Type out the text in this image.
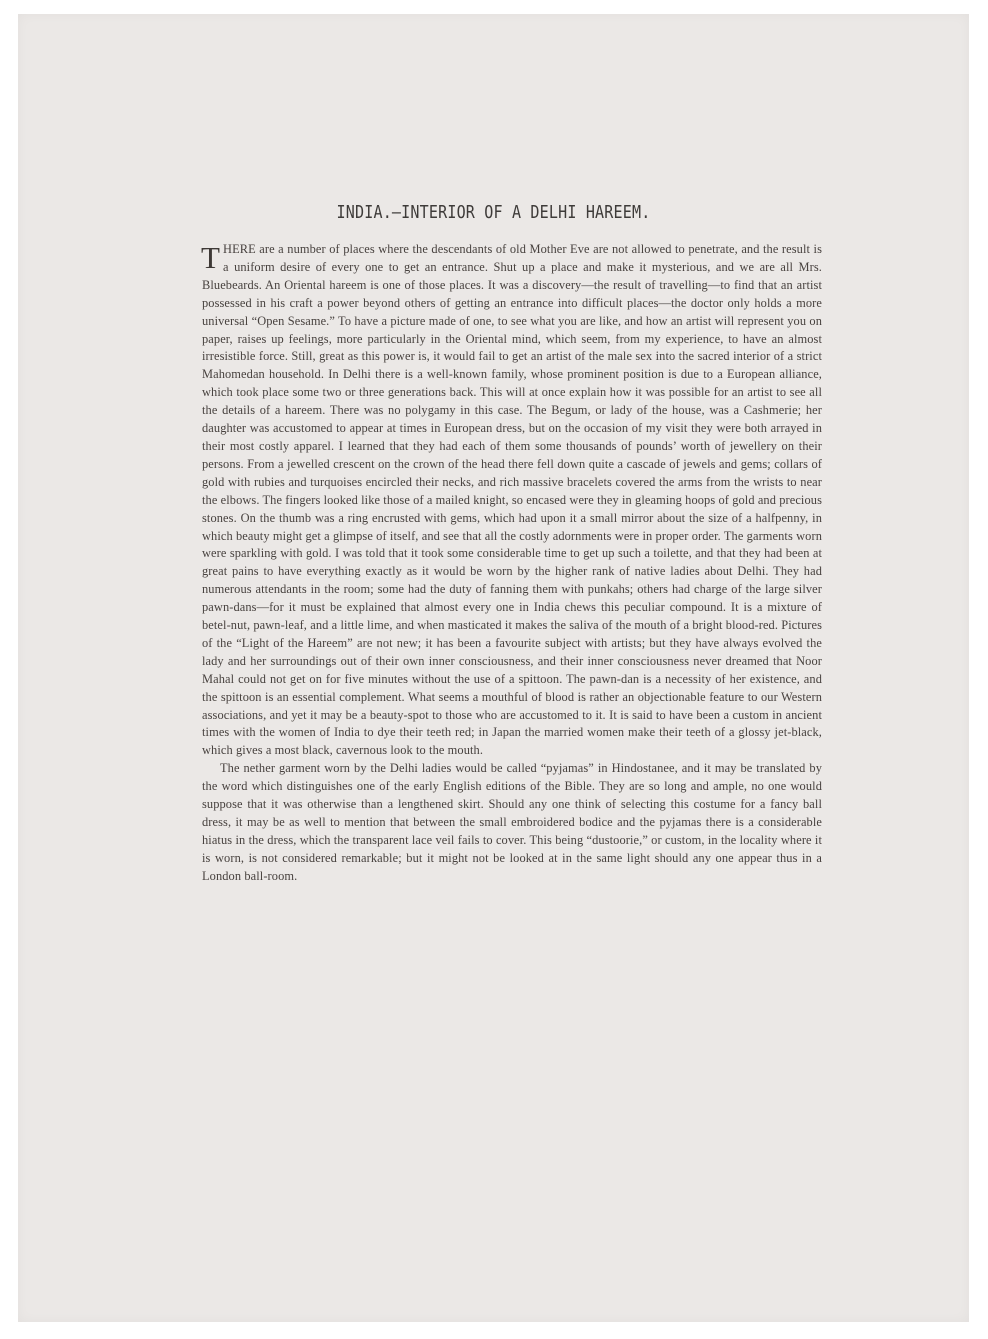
INDIA.—INTERIOR OF A DELHI HAREEM.

THERE are a number of places where the descendants of old Mother Eve are not allowed to penetrate, and the result is a uniform desire of every one to get an entrance. Shut up a place and make it mysterious, and we are all Mrs. Bluebeards. An Oriental hareem is one of those places. It was a discovery—the result of travelling—to find that an artist possessed in his craft a power beyond others of getting an entrance into difficult places—the doctor only holds a more universal “Open Sesame.” To have a picture made of one, to see what you are like, and how an artist will represent you on paper, raises up feelings, more particularly in the Oriental mind, which seem, from my experience, to have an almost irresistible force. Still, great as this power is, it would fail to get an artist of the male sex into the sacred interior of a strict Mahomedan household. In Delhi there is a well-known family, whose prominent position is due to a European alliance, which took place some two or three generations back. This will at once explain how it was possible for an artist to see all the details of a hareem. There was no polygamy in this case. The Begum, or lady of the house, was a Cashmerie; her daughter was accustomed to appear at times in European dress, but on the occasion of my visit they were both arrayed in their most costly apparel. I learned that they had each of them some thousands of pounds’ worth of jewellery on their persons. From a jewelled crescent on the crown of the head there fell down quite a cascade of jewels and gems; collars of gold with rubies and turquoises encircled their necks, and rich massive bracelets covered the arms from the wrists to near the elbows. The fingers looked like those of a mailed knight, so encased were they in gleaming hoops of gold and precious stones. On the thumb was a ring encrusted with gems, which had upon it a small mirror about the size of a halfpenny, in which beauty might get a glimpse of itself, and see that all the costly adornments were in proper order. The garments worn were sparkling with gold. I was told that it took some considerable time to get up such a toilette, and that they had been at great pains to have everything exactly as it would be worn by the higher rank of native ladies about Delhi. They had numerous attendants in the room; some had the duty of fanning them with punkahs; others had charge of the large silver pawn-dans—for it must be explained that almost every one in India chews this peculiar compound. It is a mixture of betel-nut, pawn-leaf, and a little lime, and when masticated it makes the saliva of the mouth of a bright blood-red. Pictures of the “Light of the Hareem” are not new; it has been a favourite subject with artists; but they have always evolved the lady and her surroundings out of their own inner consciousness, and their inner consciousness never dreamed that Noor Mahal could not get on for five minutes without the use of a spittoon. The pawn-dan is a necessity of her existence, and the spittoon is an essential complement. What seems a mouthful of blood is rather an objectionable feature to our Western associations, and yet it may be a beauty-spot to those who are accustomed to it. It is said to have been a custom in ancient times with the women of India to dye their teeth red; in Japan the married women make their teeth of a glossy jet-black, which gives a most black, cavernous look to the mouth.

The nether garment worn by the Delhi ladies would be called “pyjamas” in Hindostanee, and it may be translated by the word which distinguishes one of the early English editions of the Bible. They are so long and ample, no one would suppose that it was otherwise than a lengthened skirt. Should any one think of selecting this costume for a fancy ball dress, it may be as well to mention that between the small embroidered bodice and the pyjamas there is a considerable hiatus in the dress, which the transparent lace veil fails to cover. This being “dustoorie,” or custom, in the locality where it is worn, is not considered remarkable; but it might not be looked at in the same light should any one appear thus in a London ball-room.
